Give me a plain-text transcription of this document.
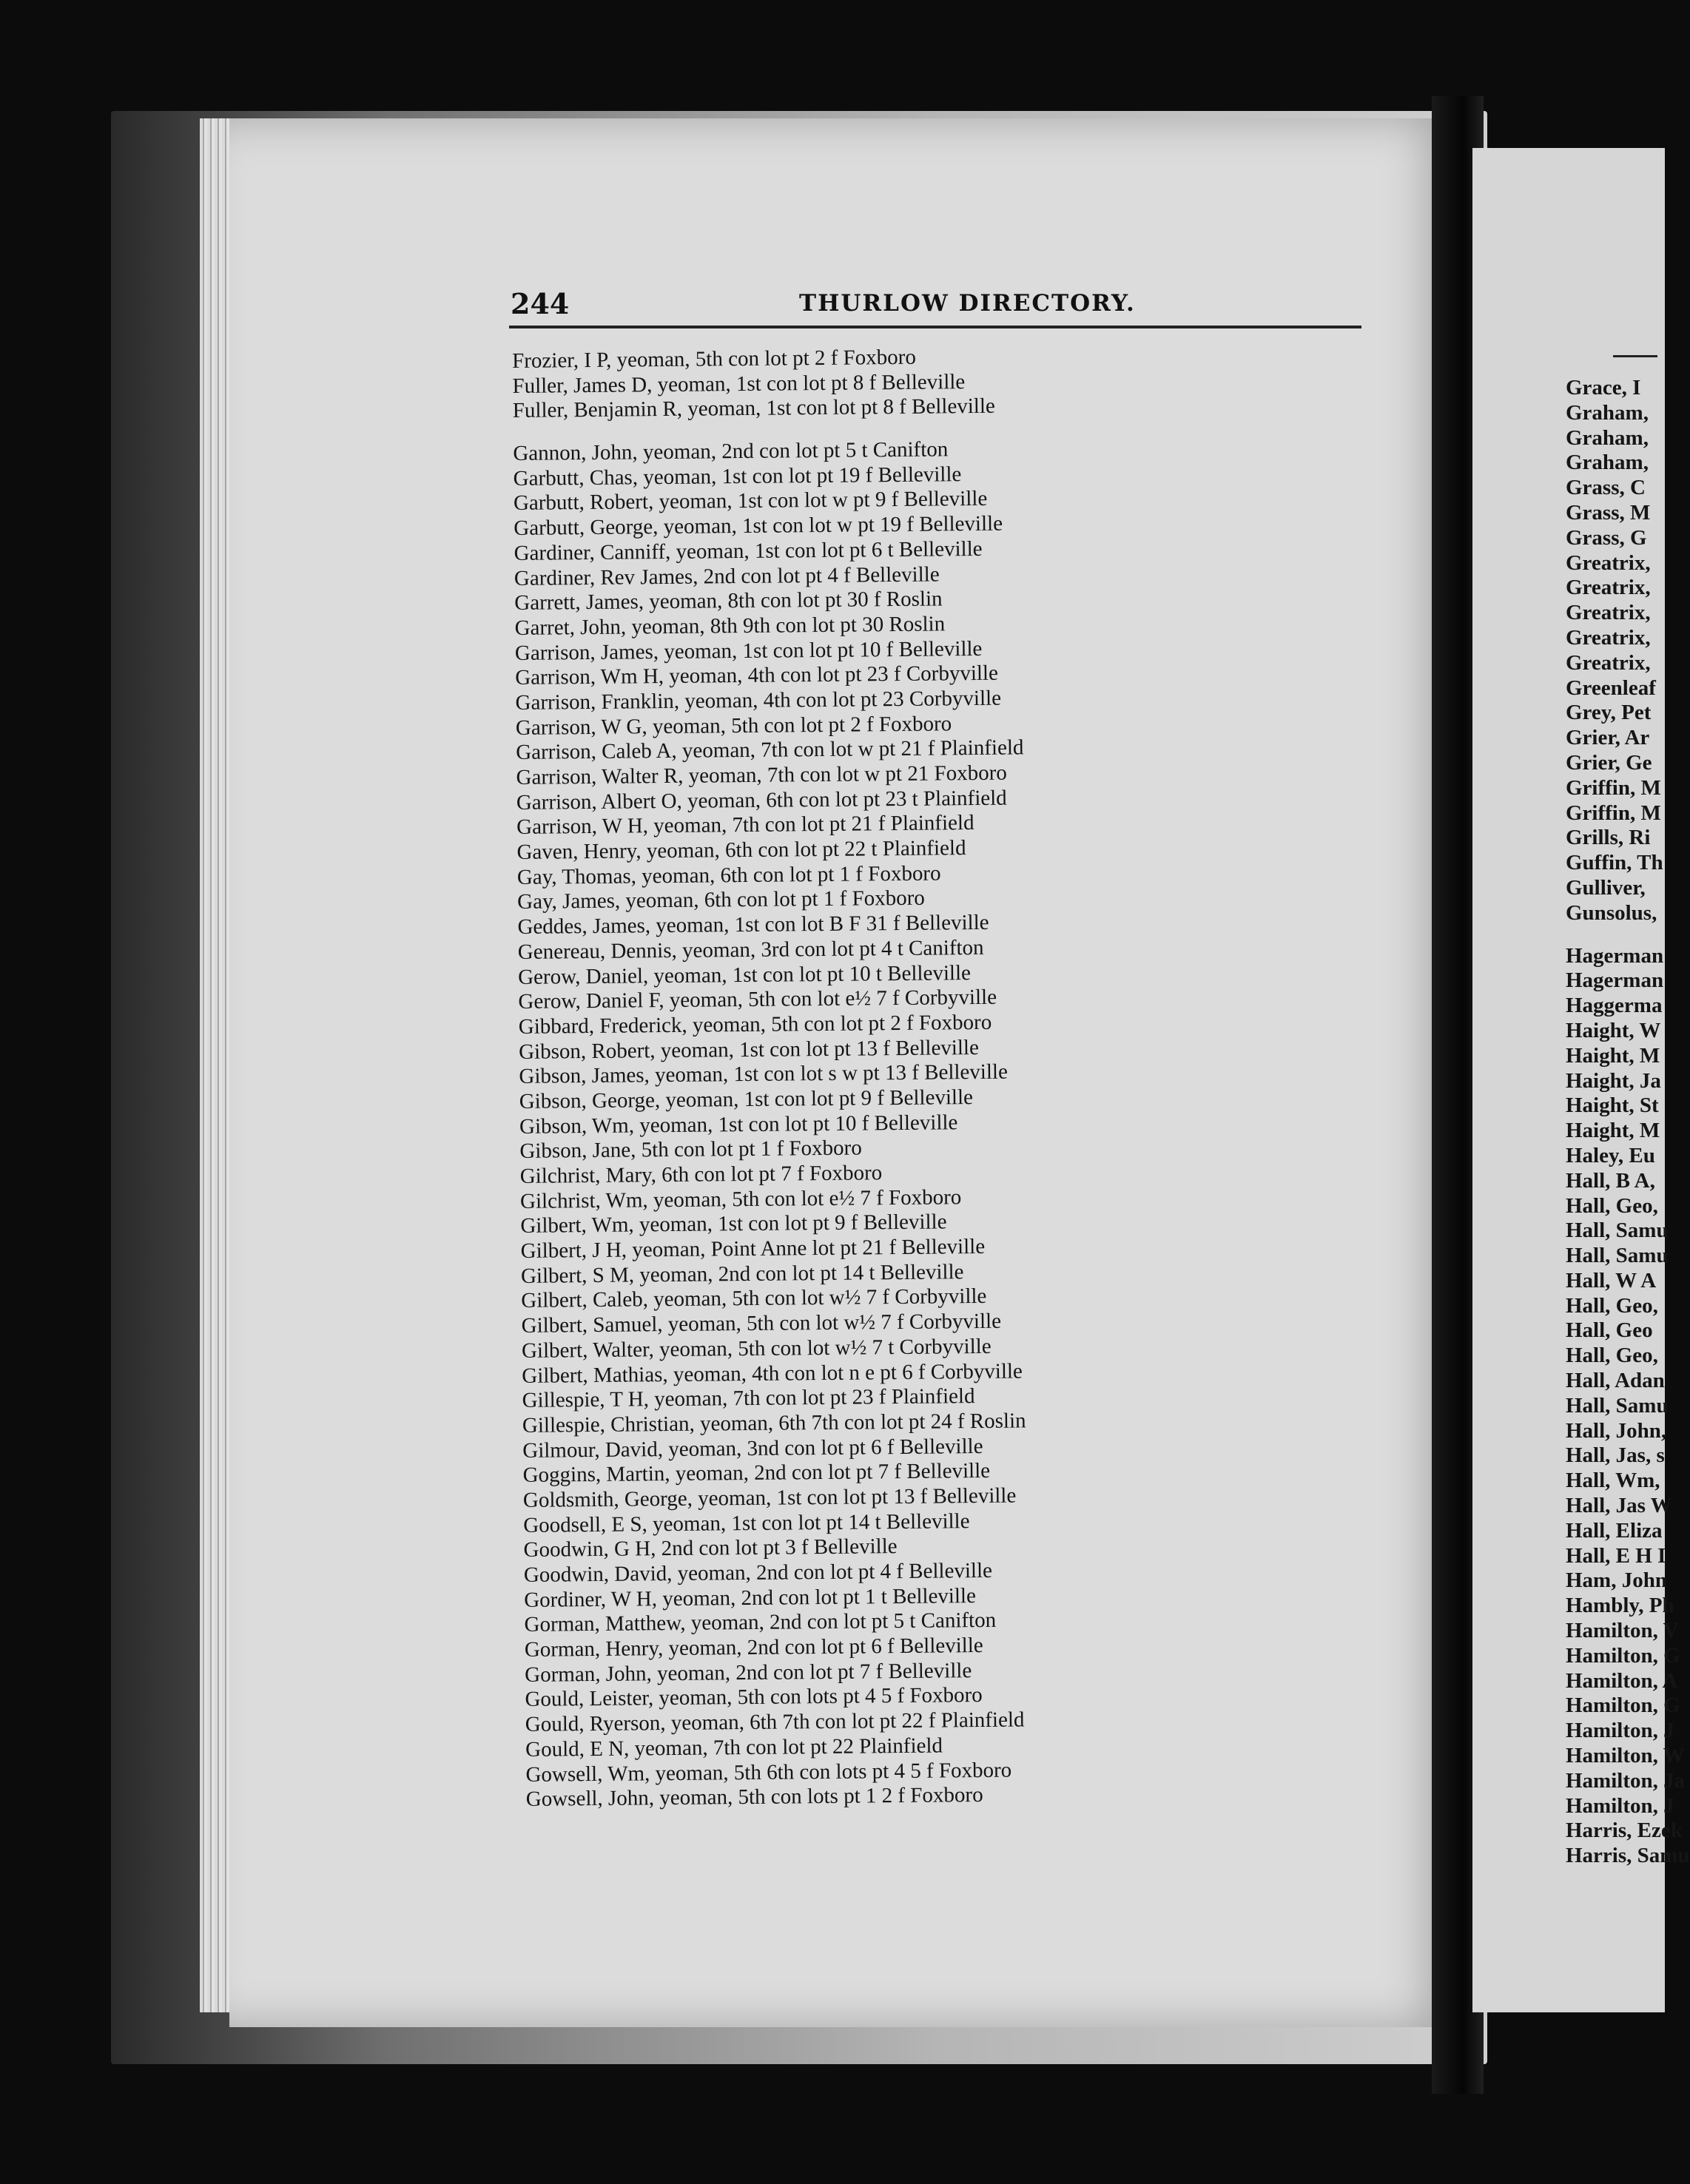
244	THURLOW DIRECTORY.
Frozier, I P, yeoman, 5th con lot pt 2 f Foxboro
Fuller, James D, yeoman, 1st con lot pt 8 f Belleville
Fuller, Benjamin R, yeoman, 1st con lot pt 8 f Belleville
Gannon, John, yeoman, 2nd con lot pt 5 t Canifton
Garbutt, Chas, yeoman, 1st con lot pt 19 f Belleville
Garbutt, Robert, yeoman, 1st con lot w pt 9 f Belleville
Garbutt, George, yeoman, 1st con lot w pt 19 f Belleville
Gardiner, Canniff, yeoman, 1st con lot pt 6 t Belleville
Gardiner, Rev James, 2nd con lot pt 4 f Belleville
Garrett, James, yeoman, 8th con lot pt 30 f Roslin
Garret, John, yeoman, 8th 9th con lot pt 30 Roslin
Garrison, James, yeoman, 1st con lot pt 10 f Belleville
Garrison, Wm H, yeoman, 4th con lot pt 23 f Corbyville
Garrison, Franklin, yeoman, 4th con lot pt 23 Corbyville
Garrison, W G, yeoman, 5th con lot pt 2 f Foxboro
Garrison, Caleb A, yeoman, 7th con lot w pt 21 f Plainfield
Garrison, Walter R, yeoman, 7th con lot w pt 21 Foxboro
Garrison, Albert O, yeoman, 6th con lot pt 23 t Plainfield
Garrison, W H, yeoman, 7th con lot pt 21 f Plainfield
Gaven, Henry, yeoman, 6th con lot pt 22 t Plainfield
Gay, Thomas, yeoman, 6th con lot pt 1 f Foxboro
Gay, James, yeoman, 6th con lot pt 1 f Foxboro
Geddes, James, yeoman, 1st con lot B F 31 f Belleville
Genereau, Dennis, yeoman, 3rd con lot pt 4 t Canifton
Gerow, Daniel, yeoman, 1st con lot pt 10 t Belleville
Gerow, Daniel F, yeoman, 5th con lot e½ 7 f Corbyville
Gibbard, Frederick, yeoman, 5th con lot pt 2 f Foxboro
Gibson, Robert, yeoman, 1st con lot pt 13 f Belleville
Gibson, James, yeoman, 1st con lot s w pt 13 f Belleville
Gibson, George, yeoman, 1st con lot pt 9 f Belleville
Gibson, Wm, yeoman, 1st con lot pt 10 f Belleville
Gibson, Jane, 5th con lot pt 1 f Foxboro
Gilchrist, Mary, 6th con lot pt 7 f Foxboro
Gilchrist, Wm, yeoman, 5th con lot e½ 7 f Foxboro
Gilbert, Wm, yeoman, 1st con lot pt 9 f Belleville
Gilbert, J H, yeoman, Point Anne lot pt 21 f Belleville
Gilbert, S M, yeoman, 2nd con lot pt 14 t Belleville
Gilbert, Caleb, yeoman, 5th con lot w½ 7 f Corbyville
Gilbert, Samuel, yeoman, 5th con lot w½ 7 f Corbyville
Gilbert, Walter, yeoman, 5th con lot w½ 7 t Corbyville
Gilbert, Mathias, yeoman, 4th con lot n e pt 6 f Corbyville
Gillespie, T H, yeoman, 7th con lot pt 23 f Plainfield
Gillespie, Christian, yeoman, 6th 7th con lot pt 24 f Roslin
Gilmour, David, yeoman, 3nd con lot pt 6 f Belleville
Goggins, Martin, yeoman, 2nd con lot pt 7 f Belleville
Goldsmith, George, yeoman, 1st con lot pt 13 f Belleville
Goodsell, E S, yeoman, 1st con lot pt 14 t Belleville
Goodwin, G H, 2nd con lot pt 3 f Belleville
Goodwin, David, yeoman, 2nd con lot pt 4 f Belleville
Gordiner, W H, yeoman, 2nd con lot pt 1 t Belleville
Gorman, Matthew, yeoman, 2nd con lot pt 5 t Canifton
Gorman, Henry, yeoman, 2nd con lot pt 6 f Belleville
Gorman, John, yeoman, 2nd con lot pt 7 f Belleville
Gould, Leister, yeoman, 5th con lots pt 4 5 f Foxboro
Gould, Ryerson, yeoman, 6th 7th con lot pt 22 f Plainfield
Gould, E N, yeoman, 7th con lot pt 22 Plainfield
Gowsell, Wm, yeoman, 5th 6th con lots pt 4 5 f Foxboro
Gowsell, John, yeoman, 5th con lots pt 1 2 f Foxboro
Grace, I
Graham,
Graham,
Graham,
Grass, C
Grass, M
Grass, G
Greatrix,
Greatrix,
Greatrix,
Greatrix,
Greatrix,
Greenleaf
Grey, Pet
Grier, Ar
Grier, Ge
Griffin, M
Griffin, M
Grills, Ri
Guffin, Th
Gulliver,
Gunsolus,
Hagerman
Hagerman
Haggerma
Haight, W
Haight, M
Haight, Ja
Haight, St
Haight, M
Haley, Eu
Hall, B A,
Hall, Geo,
Hall, Samu
Hall, Samu
Hall, W A
Hall, Geo,
Hall, Geo
Hall, Geo,
Hall, Adan
Hall, Samu
Hall, John,
Hall, Jas, s
Hall, Wm,
Hall, Jas W
Hall, Eliza
Hall, E H I
Ham, John
Hambly, Ph
Hamilton, V
Hamilton, G
Hamilton, A
Hamilton, G
Hamilton, J
Hamilton, W
Hamilton, Ja
Hamilton, J
Harris, Ezek
Harris, Samu
